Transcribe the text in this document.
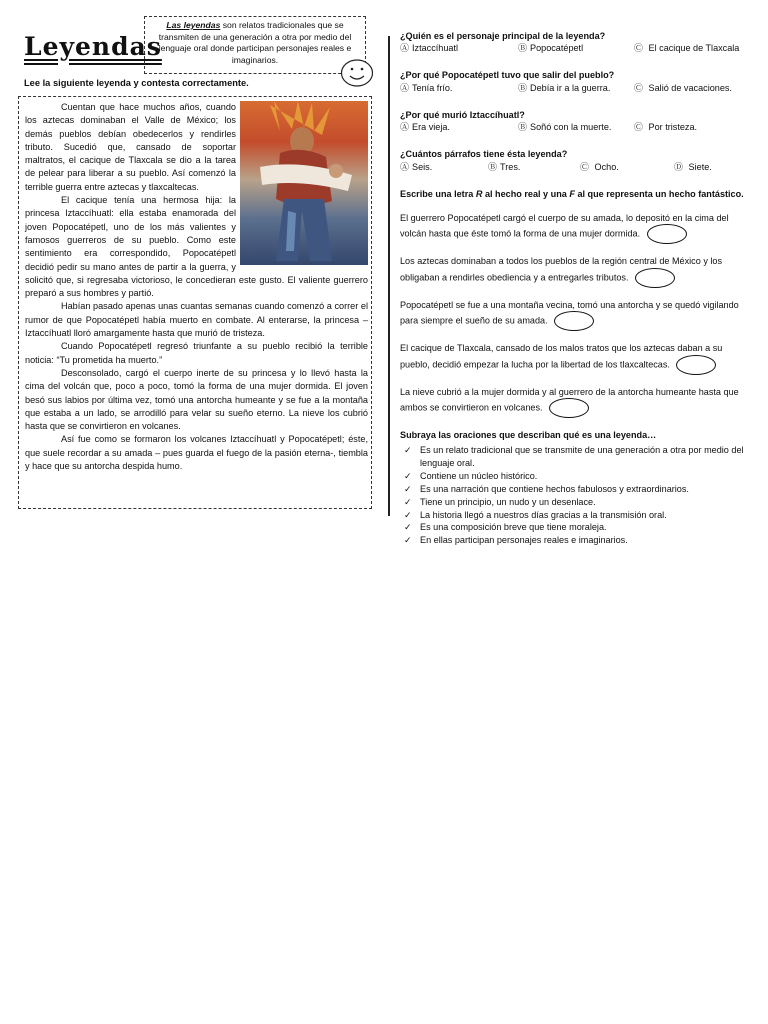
Leyendas
Las leyendas son relatos tradicionales que se transmiten de una generación a otra por medio del lenguaje oral donde participan personajes reales e imaginarios.
Lee la siguiente leyenda y contesta correctamente.

Cuentan que hace muchos años, cuando los aztecas dominaban el Valle de México; los demás pueblos debían obedecerlos y rendirles tributo. Sucedió que, cansado de soportar maltratos, el cacique de Tlaxcala se dio a la tarea de pelear para liberar a su pueblo. Así comenzó la terrible guerra entre aztecas y tlaxcaltecas.

El cacique tenía una hermosa hija: la princesa Iztaccíhuatl: ella estaba enamorada del joven Popocatépetl, uno de los más valientes y famosos guerreros de su pueblo. Como este sentimiento era correspondido, Popocatépetl decidió pedir su mano antes de partir a la guerra, y solicitó que, si regresaba victorioso, le concedieran este gusto. El valiente guerrero preparó a sus hombres y partió.

Habían pasado apenas unas cuantas semanas cuando comenzó a correr el rumor de que Popocatépetl había muerto en combate. Al enterarse, la princesa –Iztaccíhuatl lloró amargamente hasta que murió de tristeza.

Cuando Popocatépetl regresó triunfante a su pueblo recibió la terrible noticia: “Tu prometida ha muerto.”

Desconsolado, cargó el cuerpo inerte de su princesa y lo llevó hasta la cima del volcán que, poco a poco, tomó la forma de una mujer dormida. El joven besó sus labios por última vez, tomó una antorcha humeante y se fue a la montaña que estaba a un lado, se arrodilló para velar su sueño eterno. La nieve los cubrió hasta que se convirtieron en volcanes.

Así fue como se formaron los volcanes Iztaccíhuatl y Popocatépetl; éste, que suele recordar a su amada – pues guarda el fuego de la pasión eterna-, tiembla y hace que su antorcha despida humo.

¿Quién es el personaje principal de la leyenda?

Ⓐ Iztaccíhuatl	Ⓑ Popocatépetl	Ⓒ El cacique de Tlaxcala

¿Por qué Popocatépetl tuvo que salir del pueblo?

Ⓐ Tenía frío.	Ⓑ Debía ir a la guerra.	Ⓒ Salió de vacaciones.

¿Por qué murió Iztaccíhuatl?

Ⓐ Era vieja.	Ⓑ Soñó con la muerte.	Ⓒ Por tristeza.

¿Cuántos párrafos tiene ésta leyenda?

Ⓐ Seis.	Ⓑ Tres.	Ⓒ Ocho.	Ⓓ Siete.

Escribe una letra R al hecho real y una F al que representa un hecho fantástico.

El guerrero Popocatépetl cargó el cuerpo de su amada, lo depositó en la cima del volcán hasta que éste tomó la forma de una mujer dormida.
Los aztecas dominaban a todos los pueblos de la región central de México y los obligaban a rendirles obediencia y a entregarles tributos.
Popocatépetl se fue a una montaña vecina, tomó una antorcha y se quedó vigilando para siempre el sueño de su amada.
El cacique de Tlaxcala, cansado de los malos tratos que los aztecas daban a su pueblo, decidió empezar la lucha por la libertad de los tlaxcaltecas.
La nieve cubrió a la mujer dormida y al guerrero de la antorcha humeante hasta que ambos se convirtieron en volcanes.

Subraya las oraciones que describan qué es una leyenda…

✓ Es un relato tradicional que se transmite de una generación a otra por medio del lenguaje oral.
✓ Contiene un núcleo histórico.
✓ Es una narración que contiene hechos fabulosos y extraordinarios.
✓ Tiene un principio, un nudo y un desenlace.
✓ La historia llegó a nuestros días gracias a la transmisión oral.
✓ Es una composición breve que tiene moraleja.
✓ En ellas participan personajes reales e imaginarios.
